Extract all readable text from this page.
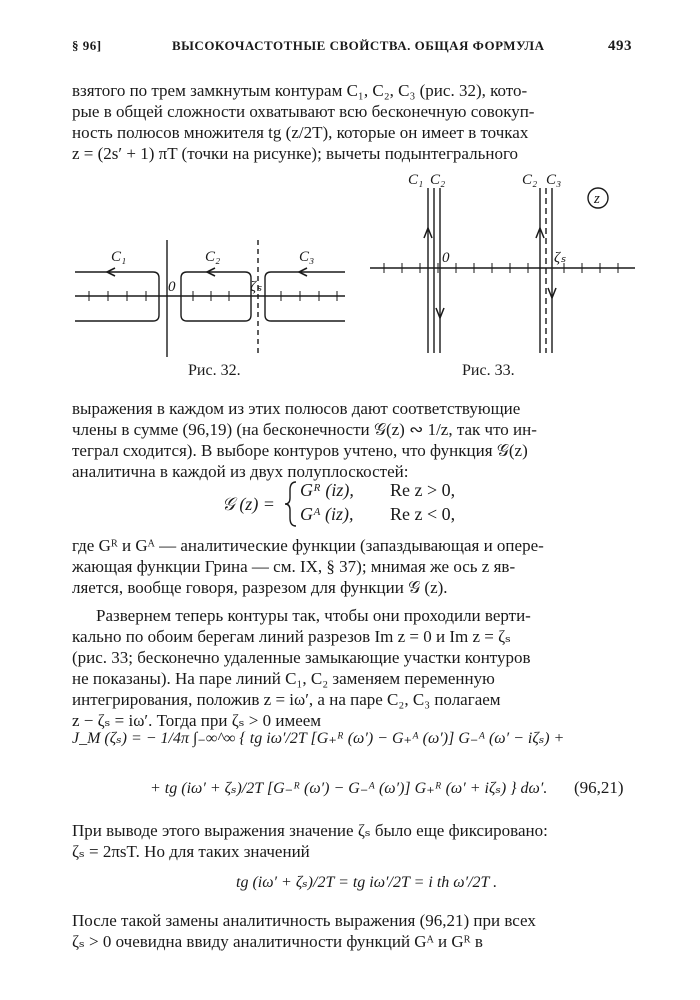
§ 96]	ВЫСОКОЧАСТОТНЫЕ СВОЙСТВА. ОБЩАЯ ФОРМУЛА	493
взятого по трем замкнутым контурам C₁, C₂, C₃ (рис. 32), кото-
рые в общей сложности охватывают всю бесконечную совокуп-
ность полюсов множителя tg (z/2T), которые он имеет в точках
z = (2s′ + 1) πT (точки на рисунке); вычеты подынтегрального
C₁	C₂	C₃
0	ζₛ
Рис. 32.
C₁ C₂	C₂ C₃
0	ζₛ
z
Рис. 33.
выражения в каждом из этих полюсов дают соответствующие
члены в сумме (96,19) (на бесконечности 𝒢(z) ∾ 1/z, так что ин-
теграл сходится). В выборе контуров учтено, что функция 𝒢(z)
аналитична в каждой из двух полуплоскостей:
𝒢 (z) =
Gᴿ (iz), Re z > 0,
Gᴬ (iz), Re z < 0,
где Gᴿ и Gᴬ — аналитические функции (запаздывающая и опере-
жающая функции Грина — см. IX, § 37); мнимая же ось z яв-
ляется, вообще говоря, разрезом для функции 𝒢 (z).
Развернем теперь контуры так, чтобы они проходили верти-
кально по обоим берегам линий разрезов Im z = 0 и Im z = ζₛ
(рис. 33; бесконечно удаленные замыкающие участки контуров
не показаны). На паре линий C₁, C₂ заменяем переменную
интегрирования, положив z = iω′, а на паре C₂, C₃ полагаем
z − ζₛ = iω′. Тогда при ζₛ > 0 имеем
J_M (ζₛ) = − 1/4π ∫₋∞^∞ { tg iω′/2T [G₊ᴿ (ω′) − G₊ᴬ (ω′)] G₋ᴬ (ω′ − iζₛ) +
+ tg (iω′ + ζₛ)/2T [G₋ᴿ (ω′) − G₋ᴬ (ω′)] G₊ᴿ (ω′ + iζₛ) } dω′. (96,21)
При выводе этого выражения значение ζₛ было еще фиксировано:
ζₛ = 2πsT. Но для таких значений
tg (iω′ + ζₛ)/2T = tg iω′/2T = i th ω′/2T .
После такой замены аналитичность выражения (96,21) при всех
ζₛ > 0 очевидна ввиду аналитичности функций Gᴬ и Gᴿ в
